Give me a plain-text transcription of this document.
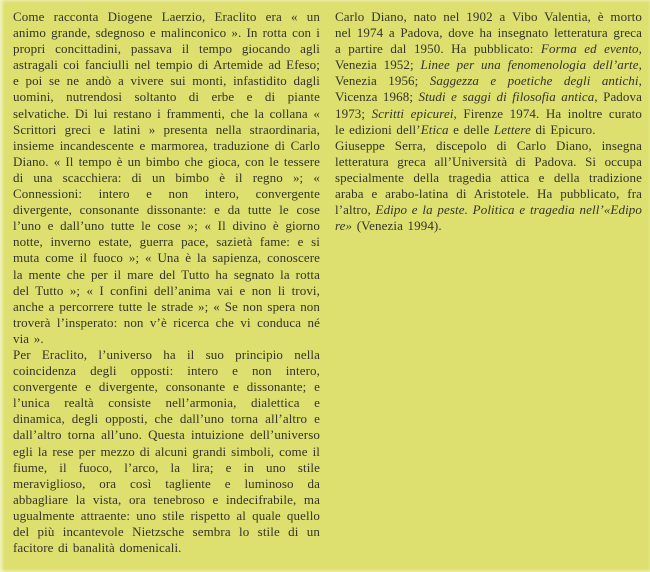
Come racconta Diogene Laerzio, Eraclito era « un animo grande, sdegnoso e malinconico ». In rotta con i propri concittadini, passava il tempo giocando agli astragali coi fanciulli nel tempio di Artemide ad Efeso; e poi se ne andò a vivere sui monti, infastidito dagli uomini, nutrendosi soltanto di erbe e di piante selvatiche. Di lui restano i frammenti, che la collana « Scrittori greci e latini » presenta nella straordinaria, insieme incandescente e marmorea, traduzione di Carlo Diano. « Il tempo è un bimbo che gioca, con le tessere di una scacchiera: di un bimbo è il regno »; « Connessioni: intero e non intero, convergente divergente, consonante dissonante: e da tutte le cose l’uno e dall’uno tutte le cose »; « Il divino è giorno notte, inverno estate, guerra pace, sazietà fame: e si muta come il fuoco »; « Una è la sapienza, conoscere la mente che per il mare del Tutto ha segnato la rotta del Tutto »; « I confini dell’anima vai e non li trovi, anche a percorrere tutte le strade »; « Se non spera non troverà l’insperato: non v’è ricerca che vi conduca né via ».

Per Eraclito, l’universo ha il suo principio nella coincidenza degli opposti: intero e non intero, convergente e divergente, consonante e dissonante; e l’unica realtà consiste nell’armonia, dialettica e dinamica, degli opposti, che dall’uno torna all’altro e dall’altro torna all’uno. Questa intuizione dell’universo egli la rese per mezzo di alcuni grandi simboli, come il fiume, il fuoco, l’arco, la lira; e in uno stile meraviglioso, ora così tagliente e luminoso da abbagliare la vista, ora tenebroso e indecifrabile, ma ugualmente attraente: uno stile rispetto al quale quello del più incantevole Nietzsche sembra lo stile di un facitore di banalità domenicali.

Carlo Diano, nato nel 1902 a Vibo Valentia, è morto nel 1974 a Padova, dove ha insegnato letteratura greca a partire dal 1950. Ha pubblicato: Forma ed evento, Venezia 1952; Linee per una fenomenologia dell’arte, Venezia 1956; Saggezza e poetiche degli antichi, Vicenza 1968; Studi e saggi di filosofia antica, Padova 1973; Scritti epicurei, Firenze 1974. Ha inoltre curato le edizioni dell’Etica e delle Lettere di Epicuro.

Giuseppe Serra, discepolo di Carlo Diano, insegna letteratura greca all’Università di Padova. Si occupa specialmente della tragedia attica e della tradizione araba e arabo-latina di Aristotele. Ha pubblicato, fra l’altro, Edipo e la peste. Politica e tragedia nell’«Edipo re» (Venezia 1994).
